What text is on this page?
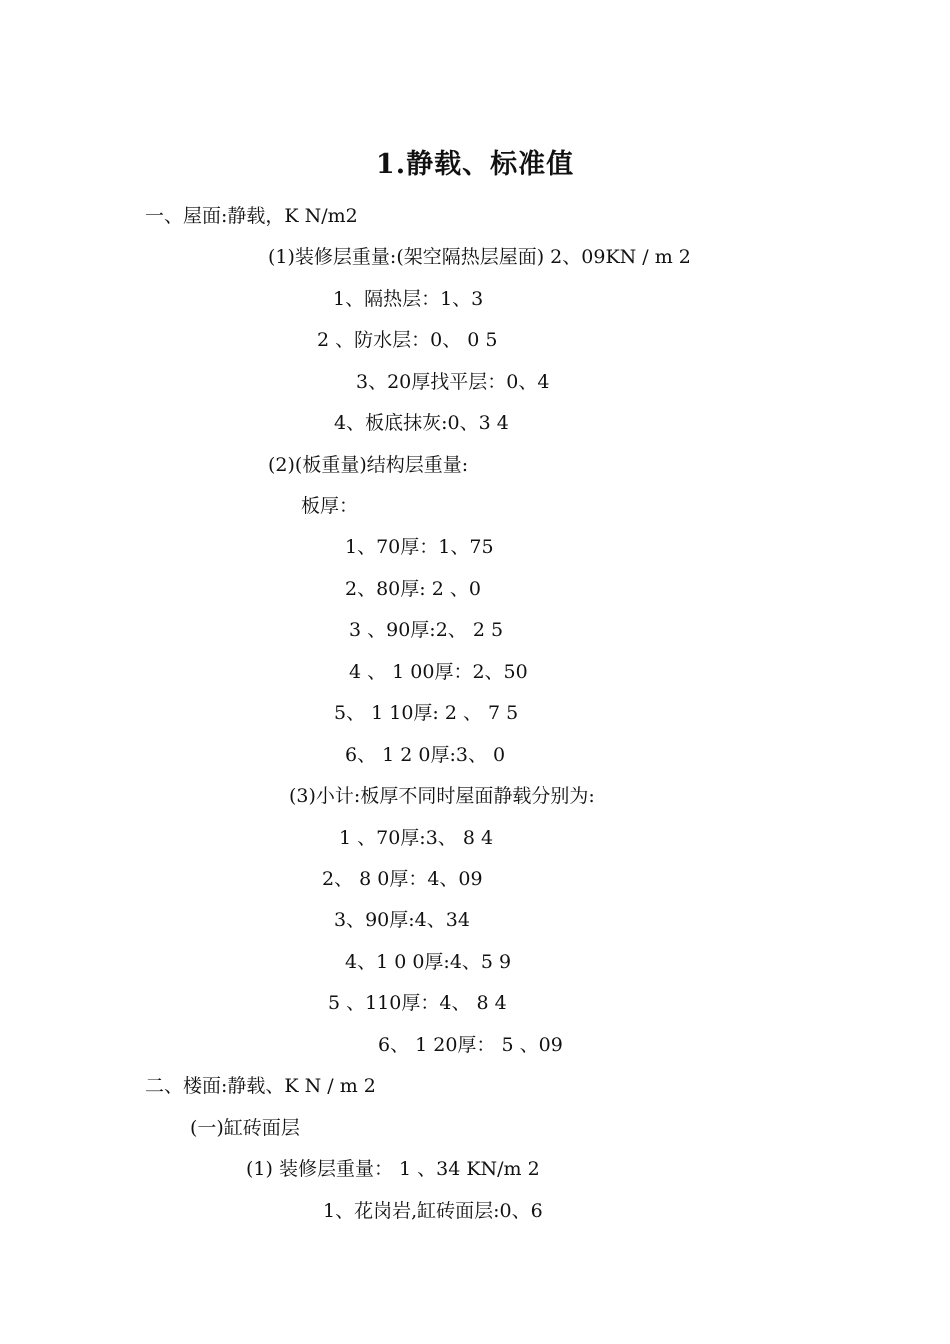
1.静载、标准值
一、屋面:静载，K N/m2
(1)装修层重量:(架空隔热层屋面) 2、09KN / m 2
1、隔热层：1、3
2 、防水层：0、 0 5
3、20厚找平层：0、4
4、板底抹灰:0、3 4
(2)(板重量)结构层重量:
板厚：
1、70厚：1、75
2、80厚: 2 、0
3 、90厚:2、 2 5
4 、 1 00厚：2、50
5、 1 10厚: 2 、 7 5
6、 1 2 0厚:3、 0
(3)小计:板厚不同时屋面静载分别为:
1 、70厚:3、 8 4
2、 8 0厚：4、09
3、90厚:4、34
4、1 0 0厚:4、5 9
5 、110厚：4、 8 4
6、 1 20厚： 5 、09
二、楼面:静载、K N / m 2
(一)缸砖面层
(1) 装修层重量： 1 、34 KN/m 2
1、花岗岩,缸砖面层:0、6
